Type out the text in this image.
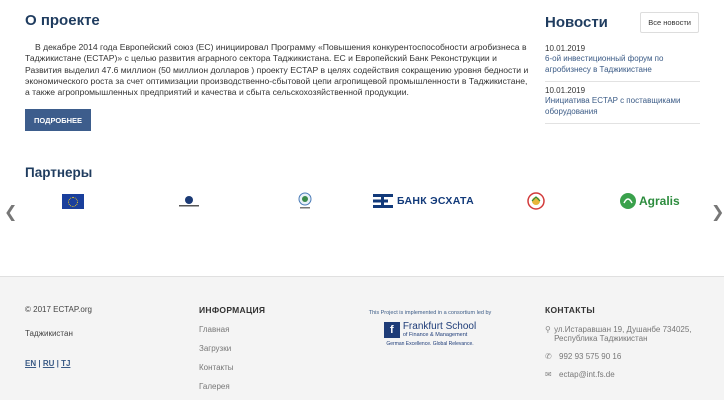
О проекте

В декабре 2014 года Европейский союз (ЕС) инициировал Программу «Повышения конкурентоспособности агробизнеса в Таджикистане (ECTAP)» с целью развития аграрного сектора Таджикистана. ЕС и Европейский Банк Реконструкции и Развития выделил 47.6 миллион (50 миллион долларов ) проекту ECTAP в целях содействия сокращению уровня бедности и экономического роста за счет оптимизации производственно-сбытовой цепи агропищевой промышленности в Таджикистане, а также агропромышленных предприятий и качества и сбыта сельскохозяйственной продукции.

ПОДРОБНЕЕ
Новости	Все новости
10.01.2019
6-ой инвестиционный форум по агробизнесу в Таджикистане
10.01.2019
Инициатива ECTAP с поставщиками оборудования
Партнеры
❮	❯
БАНК ЭСХАТА	Agralis
© 2017 ECTAP.org
Таджикистан
EN | RU | TJ
ИНФОРМАЦИЯ
Главная
Загрузки
Контакты
Галерея
This Project is implemented in a consortium led by
f Frankfurt School
of Finance & Management
German Excellence. Global Relevance.
КОНТАКТЫ
⚲ ул.Истаравшан 19, Душанбе 734025, Республика Таджикистан
✆ 992 93 575 90 16
✉ ectap@int.fs.de
